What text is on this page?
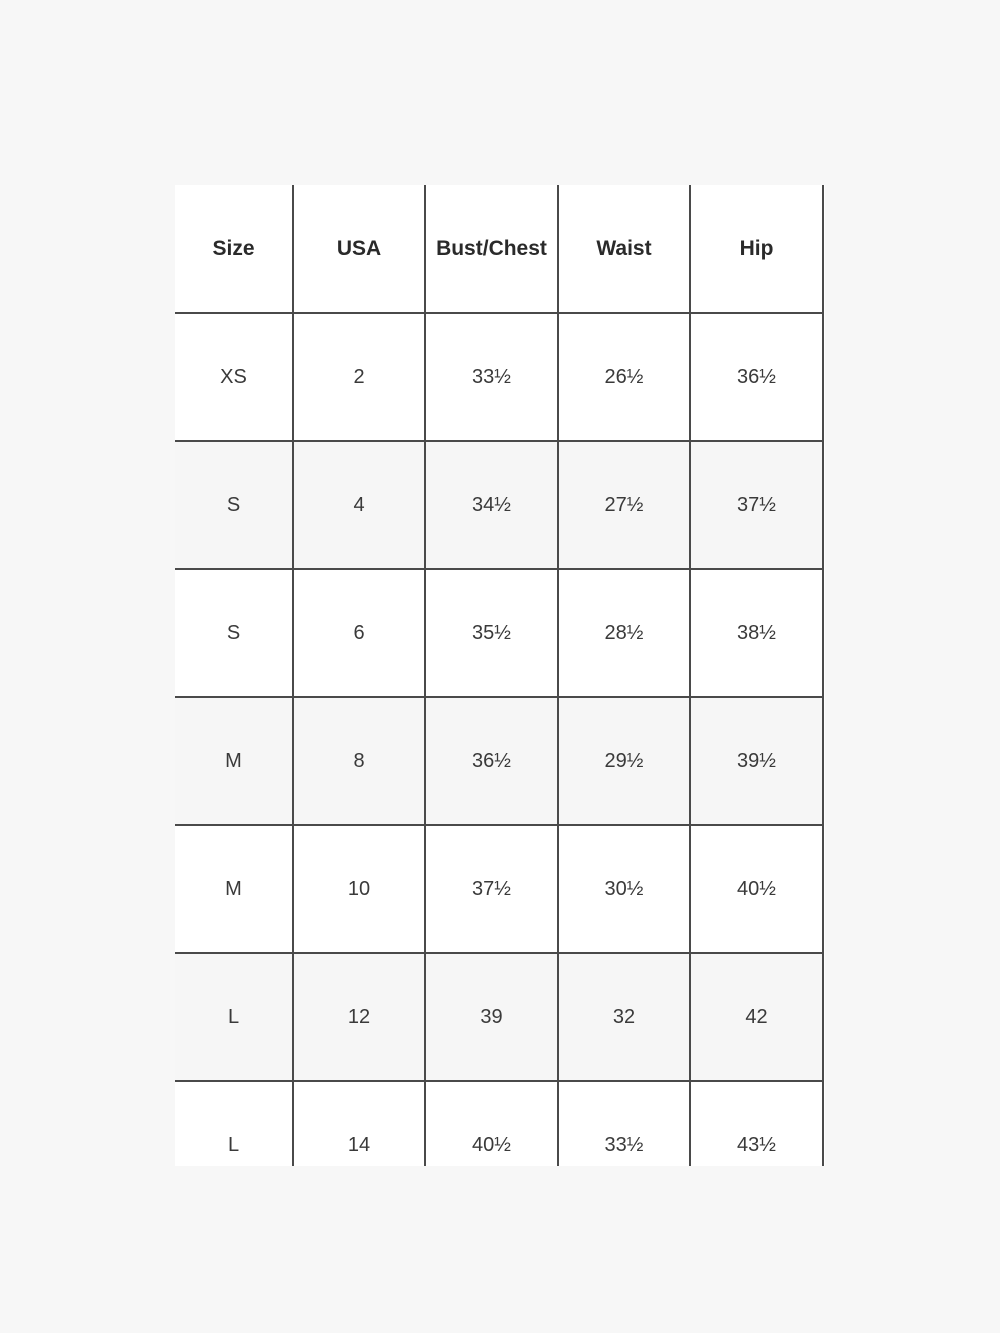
Size	USA	Bust/Chest	Waist	Hip
XS	2	33½	26½	36½
S	4	34½	27½	37½
S	6	35½	28½	38½
M	8	36½	29½	39½
M	10	37½	30½	40½
L	12	39	32	42
L	14	40½	33½	43½
